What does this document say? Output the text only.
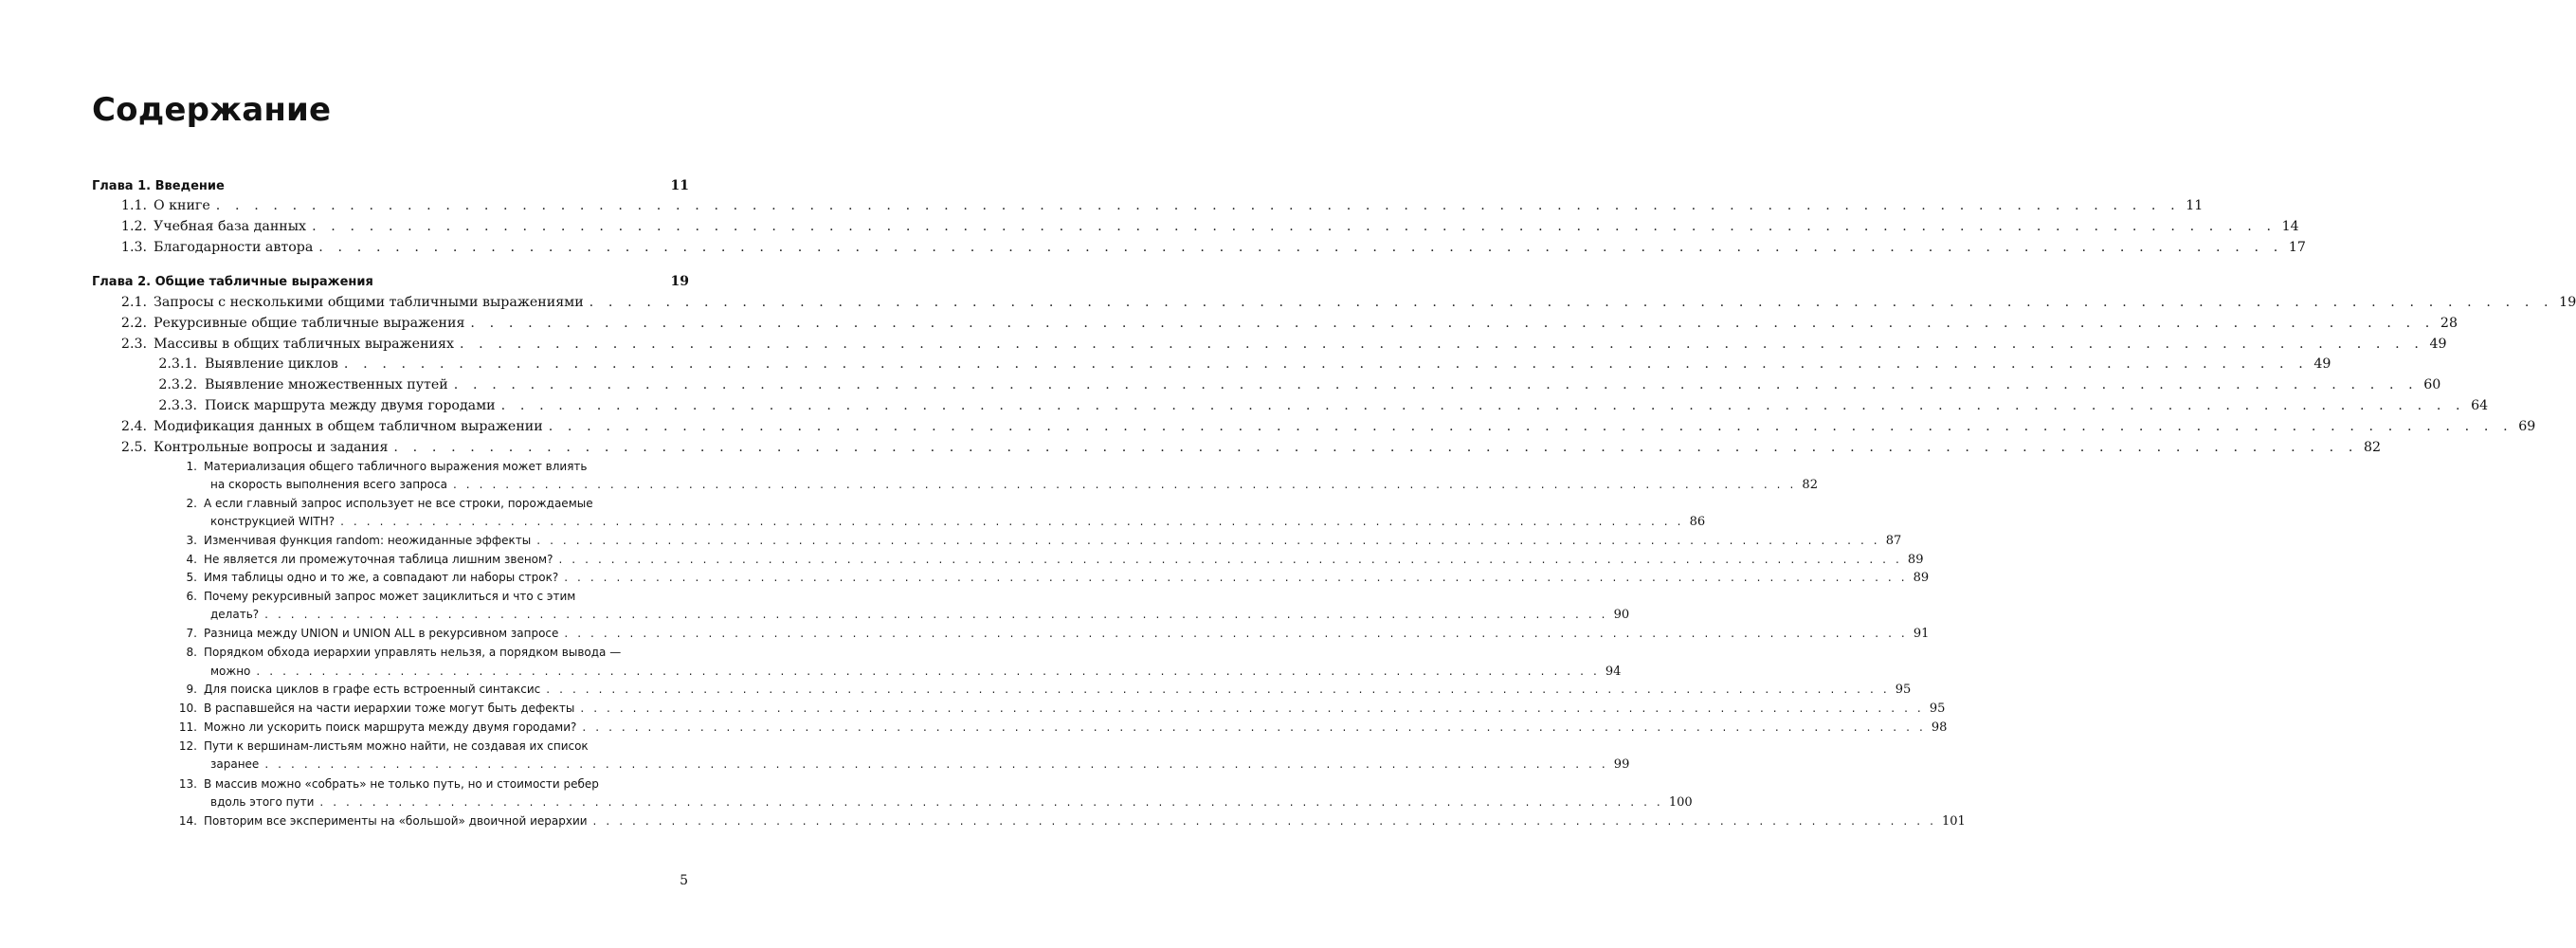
Содержание
Глава 1. Введение	11
1.1. О книге . . . . . . . . . . . . . . . . . . . . . . . . . . . . . . . . . . . . . . . . . . . . . . . . . . . . . . . . . . . . . . . . . . . . . . . . . . . . . . . . . . . . . . . . . . . . . . . . . . . . . . . 11
1.2. Учебная база данных . . . . . . . . . . . . . . . . . . . . . . . . . . . . . . . . . . . . . . . . . . . . . . . . . . . . . . . . . . . . . . . . . . . . . . . . . . . . . . . . . . . . . . . . . . . . . . . . . . . . . . . 14
1.3. Благодарности автора . . . . . . . . . . . . . . . . . . . . . . . . . . . . . . . . . . . . . . . . . . . . . . . . . . . . . . . . . . . . . . . . . . . . . . . . . . . . . . . . . . . . . . . . . . . . . . . . . . . . . . . 17
Глава 2. Общие табличные выражения	19
2.1. Запросы с несколькими общими табличными выражениями . . . . . . . . . . . . . . . . . . . . . . . . . . . . . . . . . . . . . . . . . . . . . . . . . . . . . . . . . . . . . . . . . . . . . . . . . . . . . . . . . . . . . . . . . . . . . . . . . . . . . . . 19
2.2. Рекурсивные общие табличные выражения . . . . . . . . . . . . . . . . . . . . . . . . . . . . . . . . . . . . . . . . . . . . . . . . . . . . . . . . . . . . . . . . . . . . . . . . . . . . . . . . . . . . . . . . . . . . . . . . . . . . . . . 28
2.3. Массивы в общих табличных выражениях . . . . . . . . . . . . . . . . . . . . . . . . . . . . . . . . . . . . . . . . . . . . . . . . . . . . . . . . . . . . . . . . . . . . . . . . . . . . . . . . . . . . . . . . . . . . . . . . . . . . . . . 49
2.3.1. Выявление циклов . . . . . . . . . . . . . . . . . . . . . . . . . . . . . . . . . . . . . . . . . . . . . . . . . . . . . . . . . . . . . . . . . . . . . . . . . . . . . . . . . . . . . . . . . . . . . . . . . . . . . . . 49
2.3.2. Выявление множественных путей . . . . . . . . . . . . . . . . . . . . . . . . . . . . . . . . . . . . . . . . . . . . . . . . . . . . . . . . . . . . . . . . . . . . . . . . . . . . . . . . . . . . . . . . . . . . . . . . . . . . . . . 60
2.3.3. Поиск маршрута между двумя городами . . . . . . . . . . . . . . . . . . . . . . . . . . . . . . . . . . . . . . . . . . . . . . . . . . . . . . . . . . . . . . . . . . . . . . . . . . . . . . . . . . . . . . . . . . . . . . . . . . . . . . . 64
2.4. Модификация данных в общем табличном выражении . . . . . . . . . . . . . . . . . . . . . . . . . . . . . . . . . . . . . . . . . . . . . . . . . . . . . . . . . . . . . . . . . . . . . . . . . . . . . . . . . . . . . . . . . . . . . . . . . . . . . . . 69
2.5. Контрольные вопросы и задания . . . . . . . . . . . . . . . . . . . . . . . . . . . . . . . . . . . . . . . . . . . . . . . . . . . . . . . . . . . . . . . . . . . . . . . . . . . . . . . . . . . . . . . . . . . . . . . . . . . . . . . 82
1. Материализация общего табличного выражения может влиять
на скорость выполнения всего запроса . . . . . . . . . . . . . . . . . . . . . . . . . . . . . . . . . . . . . . . . . . . . . . . . . . . . . . . . . . . . . . . . . . . . . . . . . . . . . . . . . . . . . . . . . . . . . . . . . . . . . . . 82
2. А если главный запрос использует не все строки, порождаемые
конструкцией WITH? . . . . . . . . . . . . . . . . . . . . . . . . . . . . . . . . . . . . . . . . . . . . . . . . . . . . . . . . . . . . . . . . . . . . . . . . . . . . . . . . . . . . . . . . . . . . . . . . . . . . . . . 86
3. Изменчивая функция random: неожиданные эффекты . . . . . . . . . . . . . . . . . . . . . . . . . . . . . . . . . . . . . . . . . . . . . . . . . . . . . . . . . . . . . . . . . . . . . . . . . . . . . . . . . . . . . . . . . . . . . . . . . . . . . . . 87
4. Не является ли промежуточная таблица лишним звеном? . . . . . . . . . . . . . . . . . . . . . . . . . . . . . . . . . . . . . . . . . . . . . . . . . . . . . . . . . . . . . . . . . . . . . . . . . . . . . . . . . . . . . . . . . . . . . . . . . . . . . . . 89
5. Имя таблицы одно и то же, а совпадают ли наборы строк? . . . . . . . . . . . . . . . . . . . . . . . . . . . . . . . . . . . . . . . . . . . . . . . . . . . . . . . . . . . . . . . . . . . . . . . . . . . . . . . . . . . . . . . . . . . . . . . . . . . . . . . 89
6. Почему рекурсивный запрос может зациклиться и что с этим
делать? . . . . . . . . . . . . . . . . . . . . . . . . . . . . . . . . . . . . . . . . . . . . . . . . . . . . . . . . . . . . . . . . . . . . . . . . . . . . . . . . . . . . . . . . . . . . . . . . . . . . . . . 90
7. Разница между UNION и UNION ALL в рекурсивном запросе . . . . . . . . . . . . . . . . . . . . . . . . . . . . . . . . . . . . . . . . . . . . . . . . . . . . . . . . . . . . . . . . . . . . . . . . . . . . . . . . . . . . . . . . . . . . . . . . . . . . . . . 91
8. Порядком обхода иерархии управлять нельзя, а порядком вывода —
можно . . . . . . . . . . . . . . . . . . . . . . . . . . . . . . . . . . . . . . . . . . . . . . . . . . . . . . . . . . . . . . . . . . . . . . . . . . . . . . . . . . . . . . . . . . . . . . . . . . . . . . . 94
9. Для поиска циклов в графе есть встроенный синтаксис . . . . . . . . . . . . . . . . . . . . . . . . . . . . . . . . . . . . . . . . . . . . . . . . . . . . . . . . . . . . . . . . . . . . . . . . . . . . . . . . . . . . . . . . . . . . . . . . . . . . . . . 95
10. В распавшейся на части иерархии тоже могут быть дефекты . . . . . . . . . . . . . . . . . . . . . . . . . . . . . . . . . . . . . . . . . . . . . . . . . . . . . . . . . . . . . . . . . . . . . . . . . . . . . . . . . . . . . . . . . . . . . . . . . . . . . . . 95
11. Можно ли ускорить поиск маршрута между двумя городами? . . . . . . . . . . . . . . . . . . . . . . . . . . . . . . . . . . . . . . . . . . . . . . . . . . . . . . . . . . . . . . . . . . . . . . . . . . . . . . . . . . . . . . . . . . . . . . . . . . . . . . . 98
12. Пути к вершинам-листьям можно найти, не создавая их список
заранее . . . . . . . . . . . . . . . . . . . . . . . . . . . . . . . . . . . . . . . . . . . . . . . . . . . . . . . . . . . . . . . . . . . . . . . . . . . . . . . . . . . . . . . . . . . . . . . . . . . . . . . 99
13. В массив можно «собрать» не только путь, но и стоимости ребер
вдоль этого пути . . . . . . . . . . . . . . . . . . . . . . . . . . . . . . . . . . . . . . . . . . . . . . . . . . . . . . . . . . . . . . . . . . . . . . . . . . . . . . . . . . . . . . . . . . . . . . . . . . . . . . . 100
14. Повторим все эксперименты на «большой» двоичной иерархии . . . . . . . . . . . . . . . . . . . . . . . . . . . . . . . . . . . . . . . . . . . . . . . . . . . . . . . . . . . . . . . . . . . . . . . . . . . . . . . . . . . . . . . . . . . . . . . . . . . . . . . 101
5
